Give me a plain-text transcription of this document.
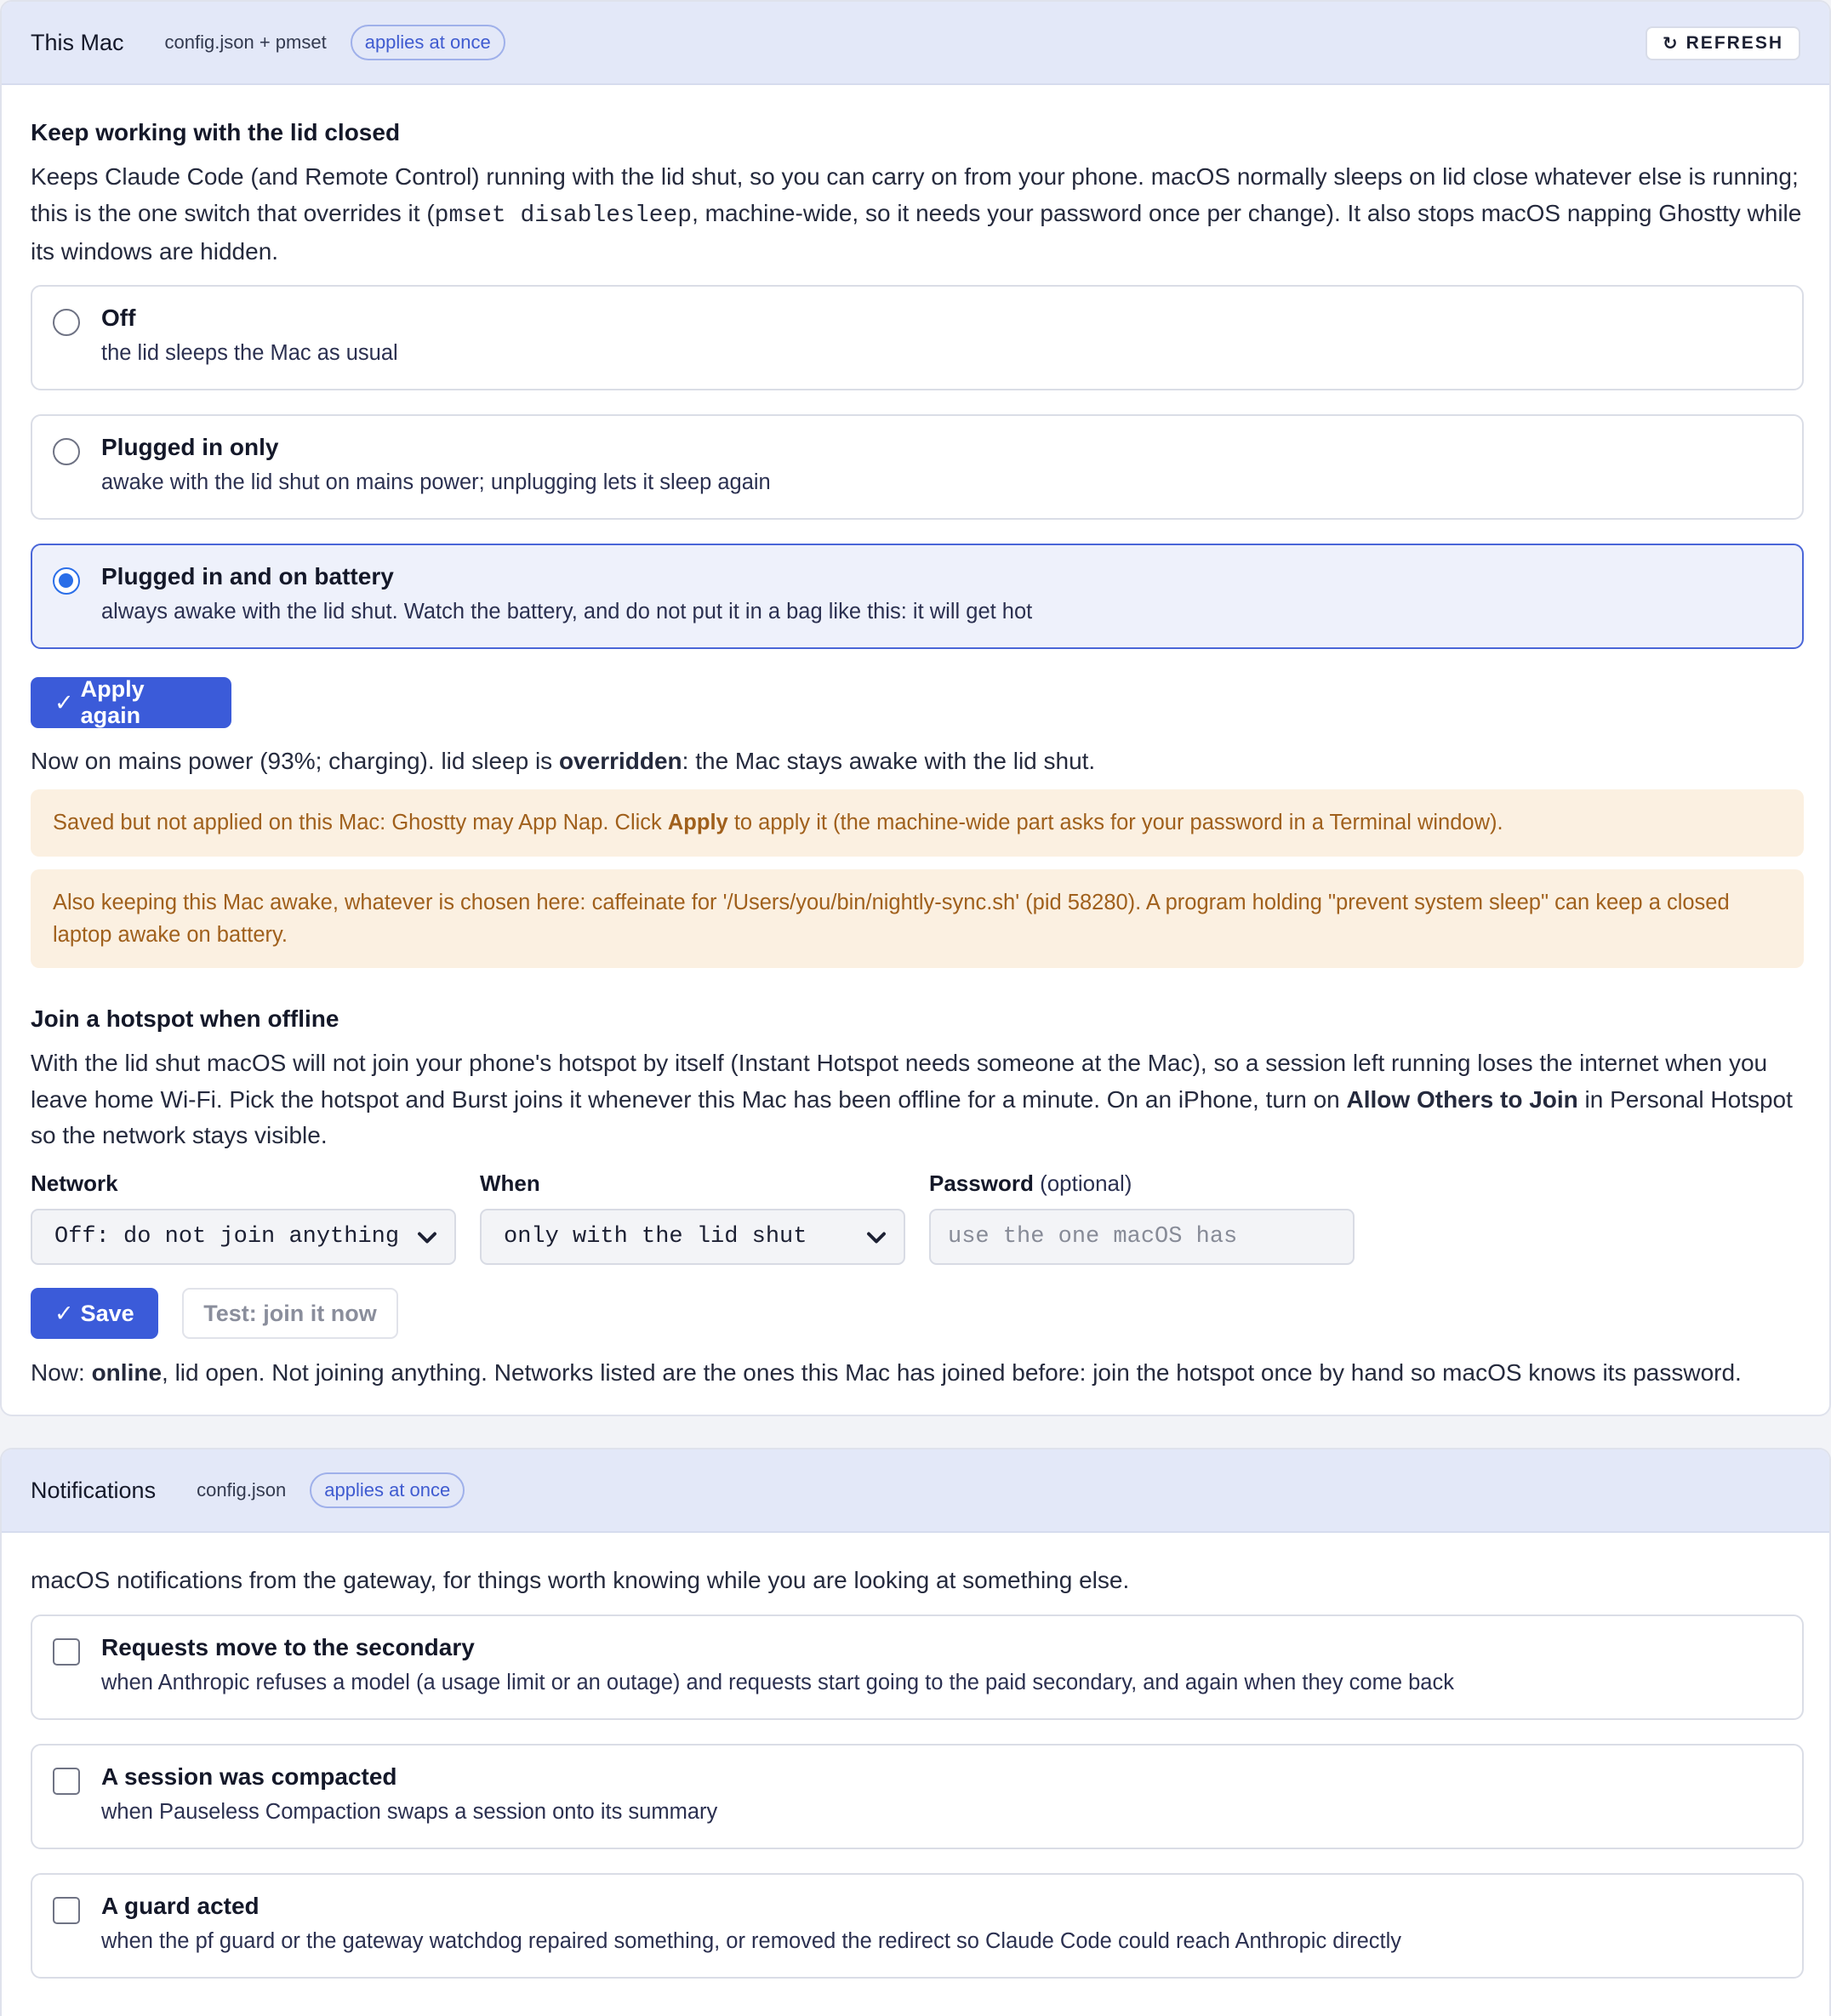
This Mac config.json + pmset	applies at once	↻ REFRESH
Keep working with the lid closed

Keeps Claude Code (and Remote Control) running with the lid shut, so you can carry on from your phone. macOS normally sleeps on lid close whatever else is running; this is the one switch that overrides it (pmset disablesleep, machine-wide, so it needs your password once per change). It also stops macOS napping Ghostty while its windows are hidden.

Off
the lid sleeps the Mac as usual
Plugged in only
awake with the lid shut on mains power; unplugging lets it sleep again
Plugged in and on battery
always awake with the lid shut. Watch the battery, and do not put it in a bag like this: it will get hot
✓
Apply again

Now on mains power (93%; charging). lid sleep is overridden: the Mac stays awake with the lid shut.

Saved but not applied on this Mac: Ghostty may App Nap. Click Apply to apply it (the machine-wide part asks for your password in a Terminal window).
Also keeping this Mac awake, whatever is chosen here: caffeinate for '/Users/you/bin/nightly-sync.sh' (pid 58280). A program holding "prevent system sleep" can keep a closed laptop awake on battery.
Join a hotspot when offline

With the lid shut macOS will not join your phone's hotspot by itself (Instant Hotspot needs someone at the Mac), so a session left running loses the internet when you leave home Wi-Fi. Pick the hotspot and Burst joins it whenever this Mac has been offline for a minute. On an iPhone, turn on Allow Others to Join in Personal Hotspot so the network stays visible.

Network	When	Password (optional)
Off: do not join anything	only with the lid shut	use the one macOS has
✓ Save	Test: join it now

Now: online, lid open. Not joining anything. Networks listed are the ones this Mac has joined before: join the hotspot once by hand so macOS knows its password.

Notifications config.json	applies at once

macOS notifications from the gateway, for things worth knowing while you are looking at something else.

Requests move to the secondary
when Anthropic refuses a model (a usage limit or an outage) and requests start going to the paid secondary, and again when they come back
A session was compacted
when Pauseless Compaction swaps a session onto its summary
A guard acted
when the pf guard or the gateway watchdog repaired something, or removed the redirect so Claude Code could reach Anthropic directly
